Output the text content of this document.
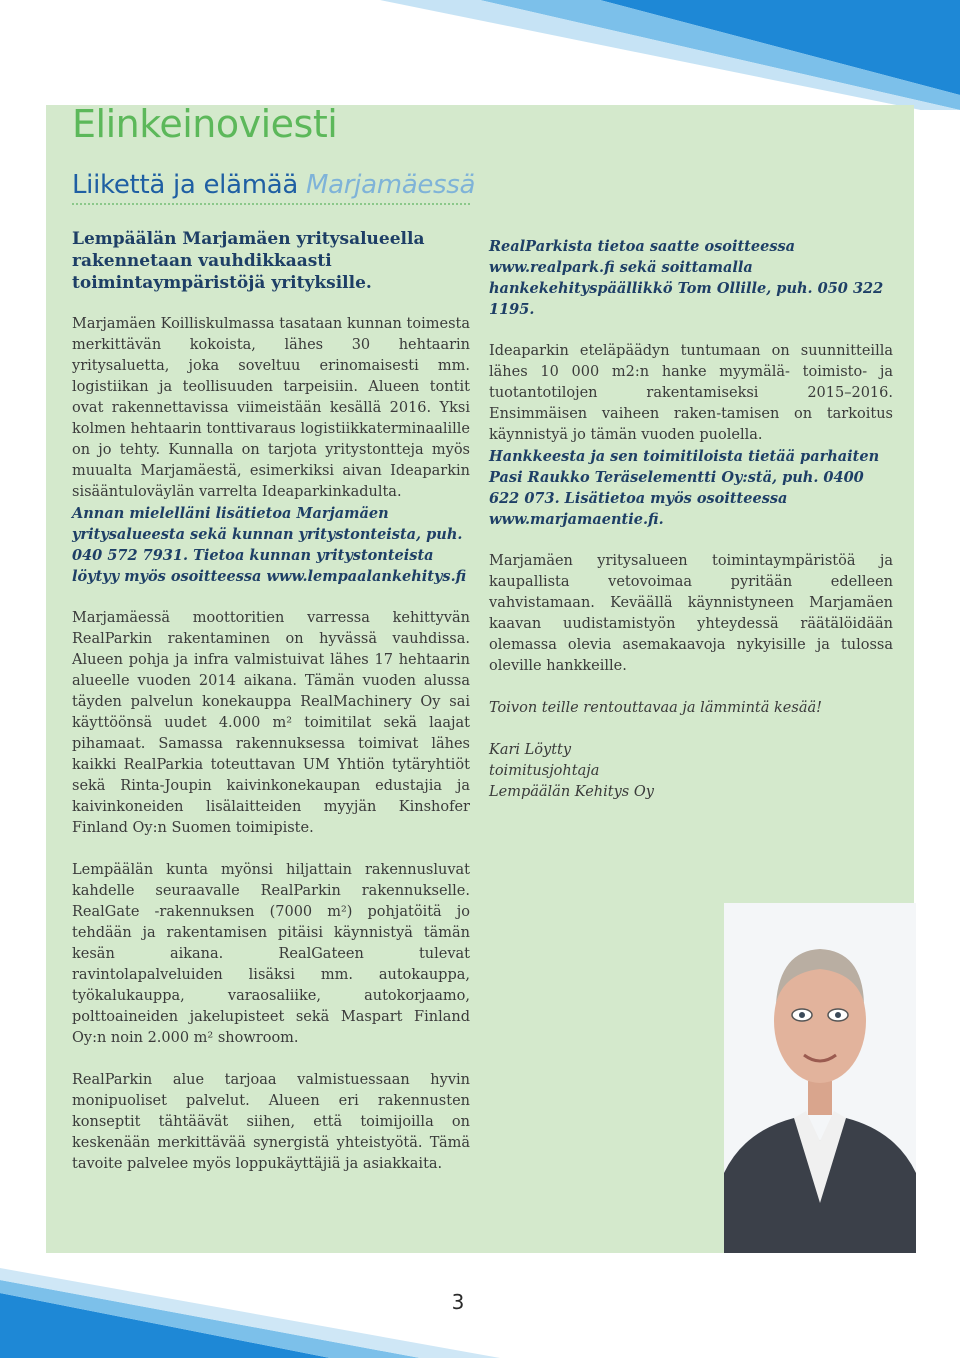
Elinkeinoviesti
Liikettä ja elämää Marjamäessä

Lempäälän Marjamäen yritysalueella rakennetaan vauhdikkaasti toimintaympäristöjä yrityksille.

Marjamäen Koilliskulmassa tasataan kunnan toimesta merkittävän kokoista, lähes 30 hehtaarin yritysaluetta, joka soveltuu erinomaisesti mm. logistiikan ja teollisuuden tarpeisiin. Alueen tontit ovat rakennettavissa viimeistään kesällä 2016. Yksi kolmen hehtaarin tonttivaraus logistiikkaterminaalille on jo tehty. Kunnalla on tarjota yritystontteja myös muualta Marjamäestä, esimerkiksi aivan Ideaparkin sisääntuloväylän varrelta Ideaparkinkadulta.

Annan mielelläni lisätietoa Marjamäen yritysalueesta sekä kunnan yritystonteista, puh. 040 572 7931. Tietoa kunnan yritystonteista löytyy myös osoitteessa www.lempaalankehitys.fi

Marjamäessä moottoritien varressa kehittyvän RealParkin rakentaminen on hyvässä vauhdissa. Alueen pohja ja infra valmistuivat lähes 17 hehtaarin alueelle vuoden 2014 aikana. Tämän vuoden alussa täyden palvelun konekauppa RealMachinery Oy sai käyttöönsä uudet 4.000 m² toimitilat sekä laajat pihamaat. Samassa rakennuksessa toimivat lähes kaikki RealParkia toteuttavan UM Yhtiön tytäryhtiöt sekä Rinta-Joupin kaivinkonekaupan edustajia ja kaivinkoneiden lisälaitteiden myyjän Kinshofer Finland Oy:n Suomen toimipiste.

Lempäälän kunta myönsi hiljattain rakennusluvat kahdelle seuraavalle RealParkin rakennukselle. RealGate -rakennuksen (7000 m²) pohjatöitä jo tehdään ja rakentamisen pitäisi käynnistyä tämän kesän aikana. RealGateen tulevat ravintolapalveluiden lisäksi mm. autokauppa, työkalukauppa, varaosaliike, autokorjaamo, polttoaineiden jakelupisteet sekä Maspart Finland Oy:n noin 2.000 m² showroom.

RealParkin alue tarjoaa valmistuessaan hyvin monipuoliset palvelut. Alueen eri rakennusten konseptit tähtäävät siihen, että toimijoilla on keskenään merkittävää synergistä yhteistyötä. Tämä tavoite palvelee myös loppukäyttäjiä ja asiakkaita.

RealParkista tietoa saatte osoitteessa www.realpark.fi sekä soittamalla hankekehityspäällikkö Tom Ollille, puh. 050 322 1195.

Ideaparkin eteläpäädyn tuntumaan on suunnitteilla lähes 10 000 m2:n hanke myymälä- toimisto- ja tuotantotilojen rakentamiseksi 2015–2016. Ensimmäisen vaiheen raken-tamisen on tarkoitus käynnistyä jo tämän vuoden puolella.

Hankkeesta ja sen toimitiloista tietää parhaiten Pasi Raukko Teräselementti Oy:stä, puh. 0400 622 073. Lisätietoa myös osoitteessa www.marjamaentie.fi.

Marjamäen yritysalueen toimintaympäristöä ja kaupallista vetovoimaa pyritään edelleen vahvistamaan. Keväällä käynnistyneen Marjamäen kaavan uudistamistyön yhteydessä räätälöidään olemassa olevia asemakaavoja nykyisille ja tulossa oleville hankkeille.

Toivon teille rentouttavaa ja lämmintä kesää!

Kari Löytty

toimitusjohtaja

Lempäälän Kehitys Oy

3
